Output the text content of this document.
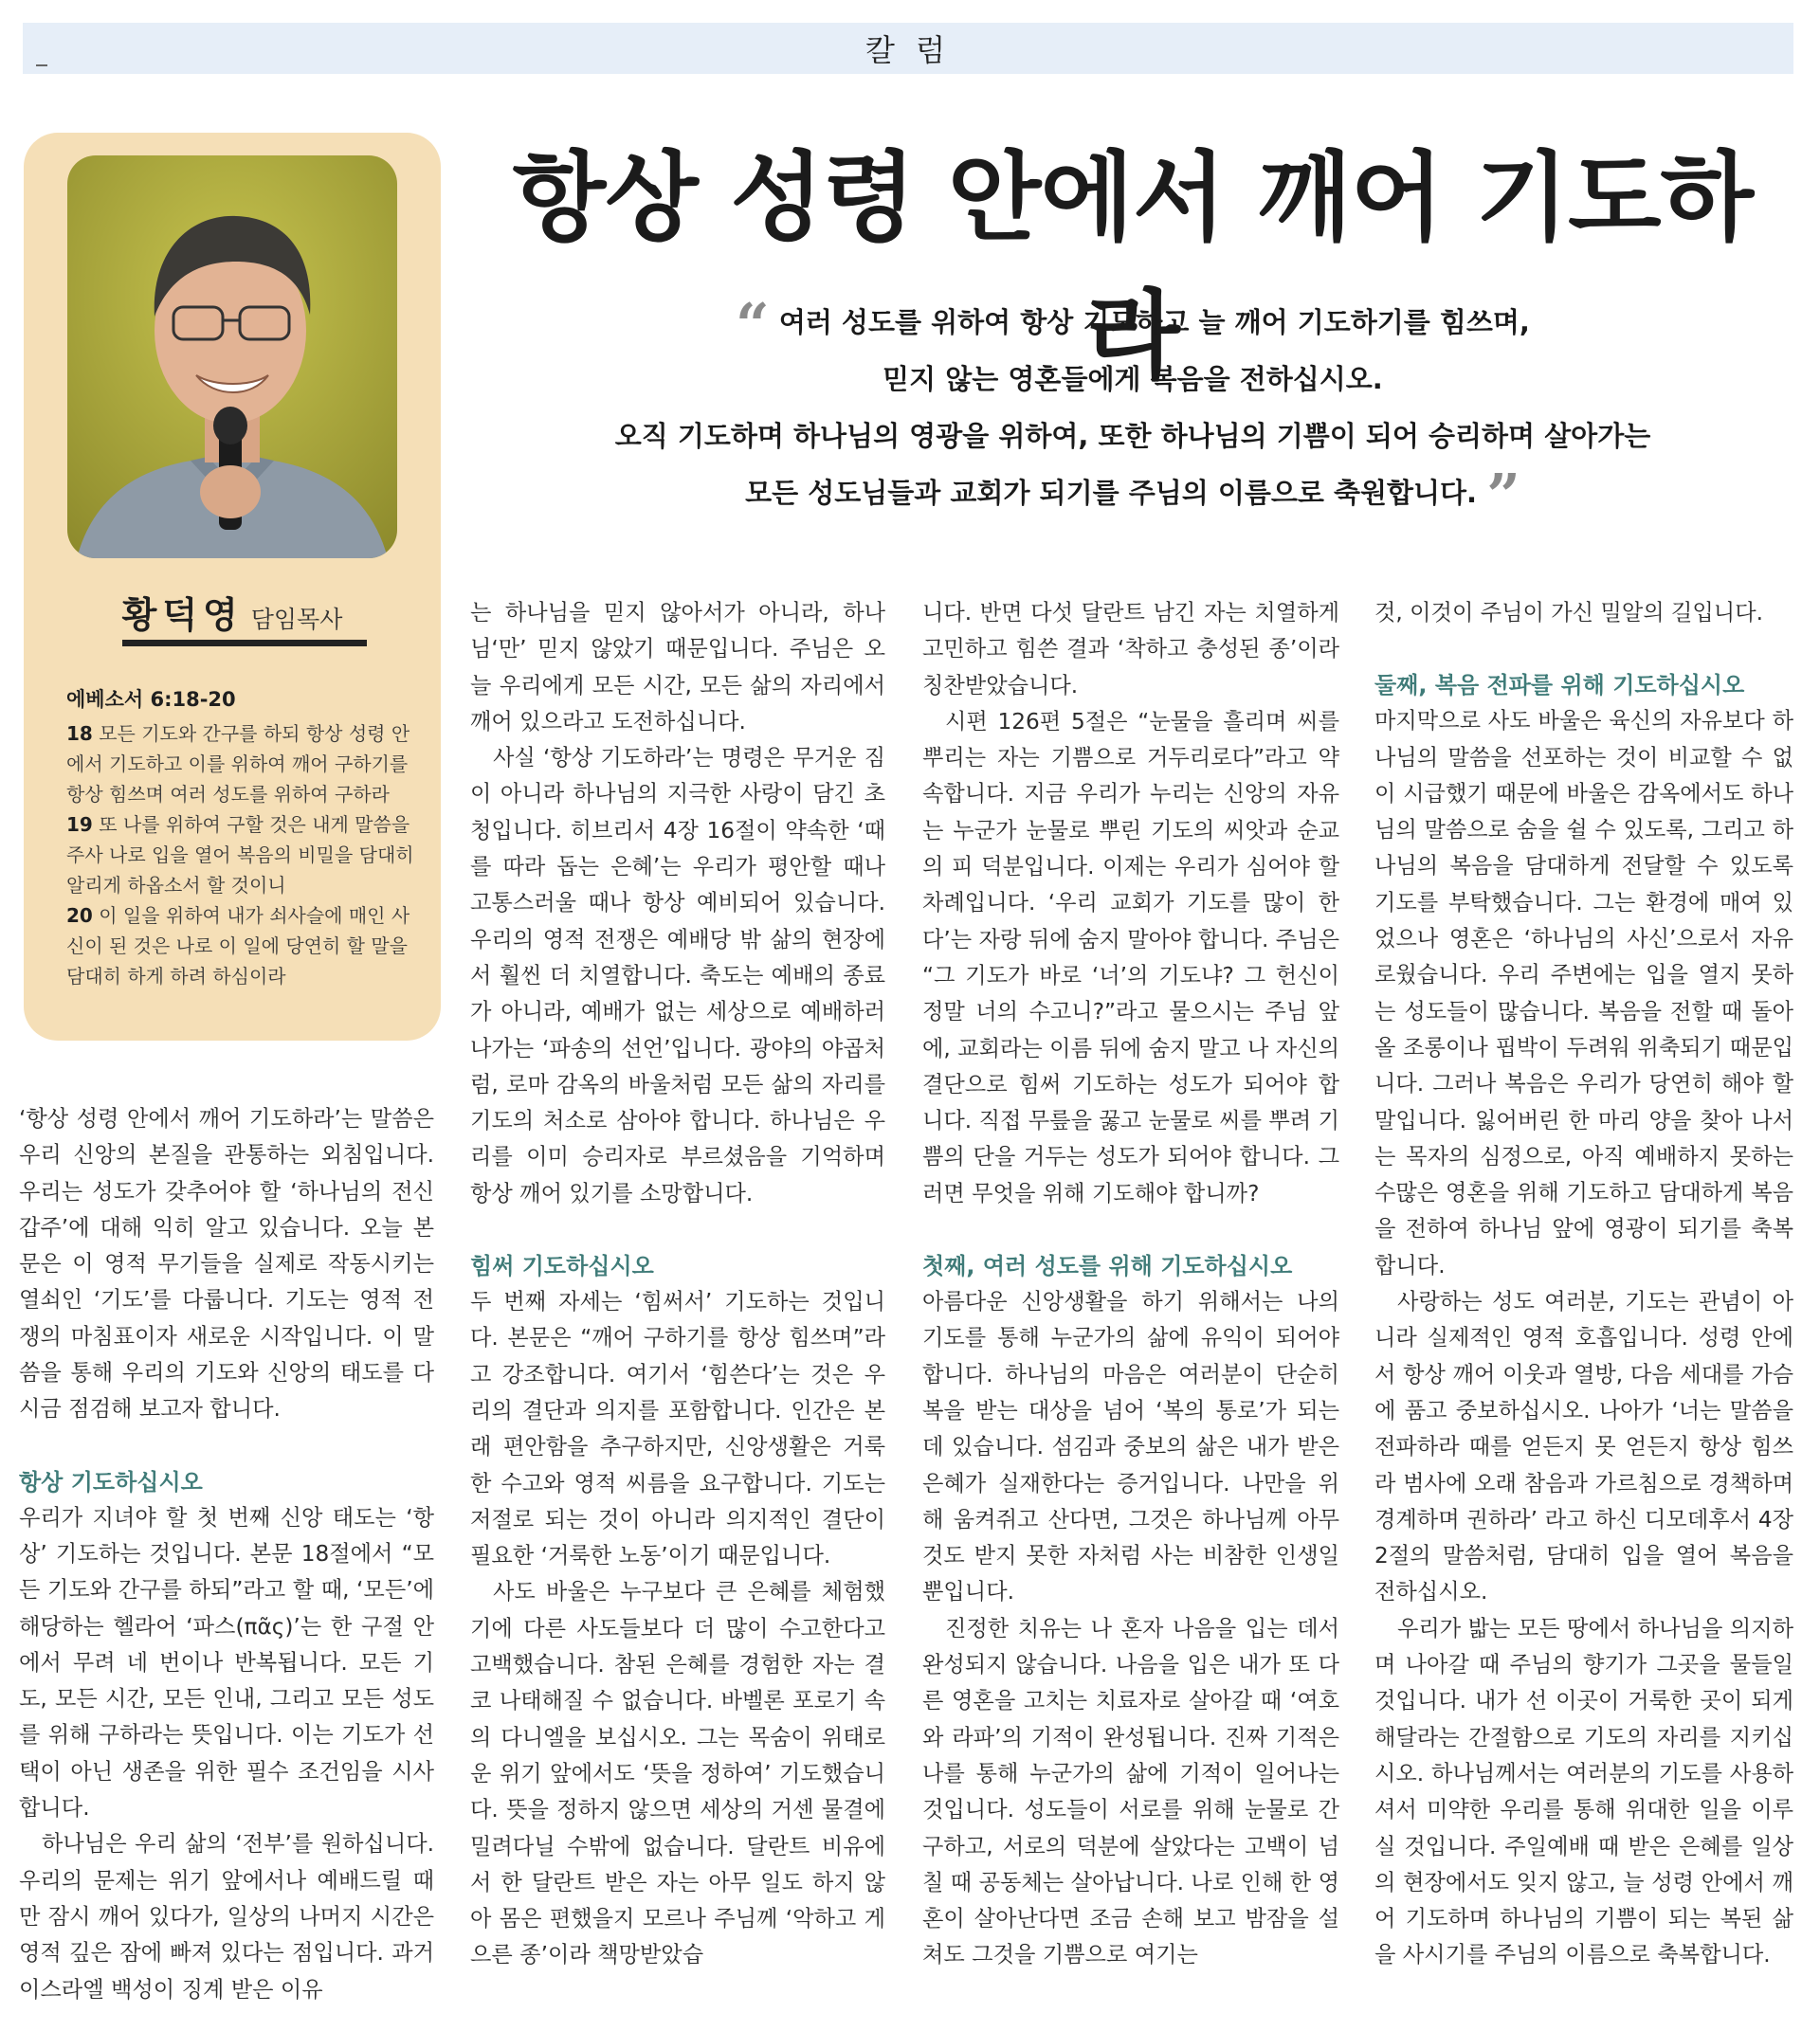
칼 럼
황덕영 담임목사
에베소서 6:18-20
18 모든 기도와 간구를 하되 항상 성령 안에서 기도하고 이를 위하여 깨어 구하기를 항상 힘쓰며 여러 성도를 위하여 구하라
19 또 나를 위하여 구할 것은 내게 말씀을 주사 나로 입을 열어 복음의 비밀을 담대히 알리게 하옵소서 할 것이니
20 이 일을 위하여 내가 쇠사슬에 매인 사신이 된 것은 나로 이 일에 당연히 할 말을 담대히 하게 하려 하심이라
항상 성령 안에서 깨어 기도하라
“ 여러 성도를 위하여 항상 기도하고 늘 깨어 기도하기를 힘쓰며,
믿지 않는 영혼들에게 복음을 전하십시오.
오직 기도하며 하나님의 영광을 위하여, 또한 하나님의 기쁨이 되어 승리하며 살아가는
모든 성도님들과 교회가 되기를 주님의 이름으로 축원합니다. ”

‘항상 성령 안에서 깨어 기도하라’는 말씀은 우리 신앙의 본질을 관통하는 외침입니다. 우리는 성도가 갖추어야 할 ‘하나님의 전신갑주’에 대해 익히 알고 있습니다. 오늘 본문은 이 영적 무기들을 실제로 작동시키는 열쇠인 ‘기도’를 다룹니다. 기도는 영적 전쟁의 마침표이자 새로운 시작입니다. 이 말씀을 통해 우리의 기도와 신앙의 태도를 다시금 점검해 보고자 합니다.

항상 기도하십시오

우리가 지녀야 할 첫 번째 신앙 태도는 ‘항상’ 기도하는 것입니다. 본문 18절에서 “모든 기도와 간구를 하되”라고 할 때, ‘모든’에 해당하는 헬라어 ‘파스(πᾶς)’는 한 구절 안에서 무려 네 번이나 반복됩니다. 모든 기도, 모든 시간, 모든 인내, 그리고 모든 성도를 위해 구하라는 뜻입니다. 이는 기도가 선택이 아닌 생존을 위한 필수 조건임을 시사합니다.

하나님은 우리 삶의 ‘전부’를 원하십니다. 우리의 문제는 위기 앞에서나 예배드릴 때만 잠시 깨어 있다가, 일상의 나머지 시간은 영적 깊은 잠에 빠져 있다는 점입니다. 과거 이스라엘 백성이 징계 받은 이유

는 하나님을 믿지 않아서가 아니라, 하나님‘만’ 믿지 않았기 때문입니다. 주님은 오늘 우리에게 모든 시간, 모든 삶의 자리에서 깨어 있으라고 도전하십니다.

사실 ‘항상 기도하라’는 명령은 무거운 짐이 아니라 하나님의 지극한 사랑이 담긴 초청입니다. 히브리서 4장 16절이 약속한 ‘때를 따라 돕는 은혜’는 우리가 평안할 때나 고통스러울 때나 항상 예비되어 있습니다. 우리의 영적 전쟁은 예배당 밖 삶의 현장에서 훨씬 더 치열합니다. 축도는 예배의 종료가 아니라, 예배가 없는 세상으로 예배하러 나가는 ‘파송의 선언’입니다. 광야의 야곱처럼, 로마 감옥의 바울처럼 모든 삶의 자리를 기도의 처소로 삼아야 합니다. 하나님은 우리를 이미 승리자로 부르셨음을 기억하며 항상 깨어 있기를 소망합니다.

힘써 기도하십시오

두 번째 자세는 ‘힘써서’ 기도하는 것입니다. 본문은 “깨어 구하기를 항상 힘쓰며”라고 강조합니다. 여기서 ‘힘쓴다’는 것은 우리의 결단과 의지를 포함합니다. 인간은 본래 편안함을 추구하지만, 신앙생활은 거룩한 수고와 영적 씨름을 요구합니다. 기도는 저절로 되는 것이 아니라 의지적인 결단이 필요한 ‘거룩한 노동’이기 때문입니다.

사도 바울은 누구보다 큰 은혜를 체험했기에 다른 사도들보다 더 많이 수고한다고 고백했습니다. 참된 은혜를 경험한 자는 결코 나태해질 수 없습니다. 바벨론 포로기 속의 다니엘을 보십시오. 그는 목숨이 위태로운 위기 앞에서도 ‘뜻을 정하여’ 기도했습니다. 뜻을 정하지 않으면 세상의 거센 물결에 밀려다닐 수밖에 없습니다. 달란트 비유에서 한 달란트 받은 자는 아무 일도 하지 않아 몸은 편했을지 모르나 주님께 ‘악하고 게으른 종’이라 책망받았습

니다. 반면 다섯 달란트 남긴 자는 치열하게 고민하고 힘쓴 결과 ‘착하고 충성된 종’이라 칭찬받았습니다.

시편 126편 5절은 “눈물을 흘리며 씨를 뿌리는 자는 기쁨으로 거두리로다”라고 약속합니다. 지금 우리가 누리는 신앙의 자유는 누군가 눈물로 뿌린 기도의 씨앗과 순교의 피 덕분입니다. 이제는 우리가 심어야 할 차례입니다. ‘우리 교회가 기도를 많이 한다’는 자랑 뒤에 숨지 말아야 합니다. 주님은 “그 기도가 바로 ‘너’의 기도냐? 그 헌신이 정말 너의 수고니?”라고 물으시는 주님 앞에, 교회라는 이름 뒤에 숨지 말고 나 자신의 결단으로 힘써 기도하는 성도가 되어야 합니다. 직접 무릎을 꿇고 눈물로 씨를 뿌려 기쁨의 단을 거두는 성도가 되어야 합니다. 그러면 무엇을 위해 기도해야 합니까?

첫째, 여러 성도를 위해 기도하십시오

아름다운 신앙생활을 하기 위해서는 나의 기도를 통해 누군가의 삶에 유익이 되어야 합니다. 하나님의 마음은 여러분이 단순히 복을 받는 대상을 넘어 ‘복의 통로’가 되는 데 있습니다. 섬김과 중보의 삶은 내가 받은 은혜가 실재한다는 증거입니다. 나만을 위해 움켜쥐고 산다면, 그것은 하나님께 아무것도 받지 못한 자처럼 사는 비참한 인생일 뿐입니다.

진정한 치유는 나 혼자 나음을 입는 데서 완성되지 않습니다. 나음을 입은 내가 또 다른 영혼을 고치는 치료자로 살아갈 때 ‘여호와 라파’의 기적이 완성됩니다. 진짜 기적은 나를 통해 누군가의 삶에 기적이 일어나는 것입니다. 성도들이 서로를 위해 눈물로 간구하고, 서로의 덕분에 살았다는 고백이 넘칠 때 공동체는 살아납니다. 나로 인해 한 영혼이 살아난다면 조금 손해 보고 밤잠을 설쳐도 그것을 기쁨으로 여기는

것, 이것이 주님이 가신 밀알의 길입니다.

둘째, 복음 전파를 위해 기도하십시오

마지막으로 사도 바울은 육신의 자유보다 하나님의 말씀을 선포하는 것이 비교할 수 없이 시급했기 때문에 바울은 감옥에서도 하나님의 말씀으로 숨을 쉴 수 있도록, 그리고 하나님의 복음을 담대하게 전달할 수 있도록 기도를 부탁했습니다. 그는 환경에 매여 있었으나 영혼은 ‘하나님의 사신’으로서 자유로웠습니다. 우리 주변에는 입을 열지 못하는 성도들이 많습니다. 복음을 전할 때 돌아올 조롱이나 핍박이 두려워 위축되기 때문입니다. 그러나 복음은 우리가 당연히 해야 할 말입니다. 잃어버린 한 마리 양을 찾아 나서는 목자의 심정으로, 아직 예배하지 못하는 수많은 영혼을 위해 기도하고 담대하게 복음을 전하여 하나님 앞에 영광이 되기를 축복합니다.

사랑하는 성도 여러분, 기도는 관념이 아니라 실제적인 영적 호흡입니다. 성령 안에서 항상 깨어 이웃과 열방, 다음 세대를 가슴에 품고 중보하십시오. 나아가 ‘너는 말씀을 전파하라 때를 얻든지 못 얻든지 항상 힘쓰라 범사에 오래 참음과 가르침으로 경책하며 경계하며 권하라’ 라고 하신 디모데후서 4장 2절의 말씀처럼, 담대히 입을 열어 복음을 전하십시오.

우리가 밟는 모든 땅에서 하나님을 의지하며 나아갈 때 주님의 향기가 그곳을 물들일 것입니다. 내가 선 이곳이 거룩한 곳이 되게 해달라는 간절함으로 기도의 자리를 지키십시오. 하나님께서는 여러분의 기도를 사용하셔서 미약한 우리를 통해 위대한 일을 이루실 것입니다. 주일예배 때 받은 은혜를 일상의 현장에서도 잊지 않고, 늘 성령 안에서 깨어 기도하며 하나님의 기쁨이 되는 복된 삶을 사시기를 주님의 이름으로 축복합니다.
